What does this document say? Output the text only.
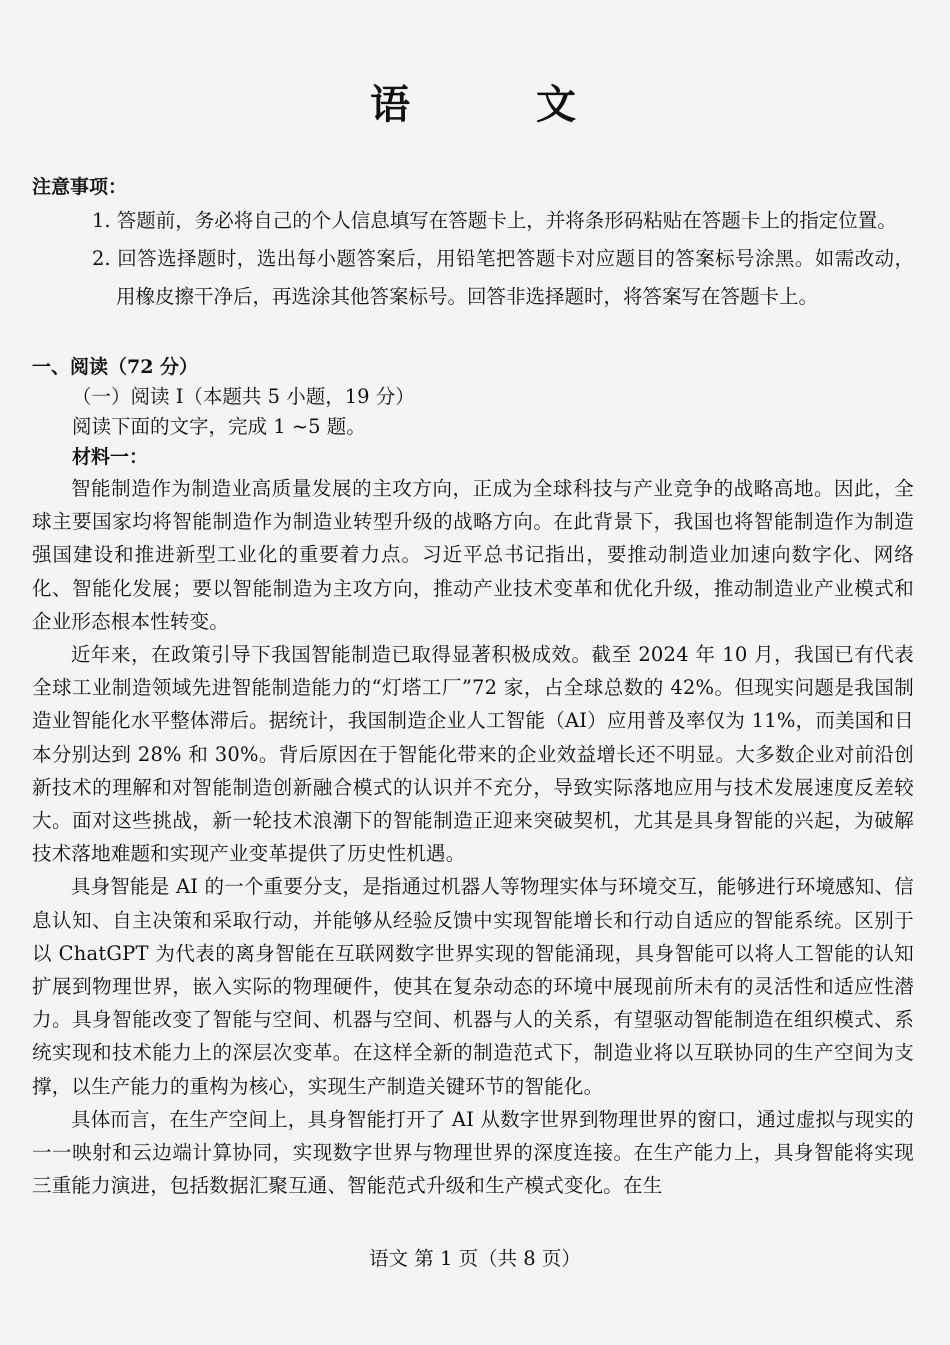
语 文
注意事项：
1. 答题前，务必将自己的个人信息填写在答题卡上，并将条形码粘贴在答题卡上的指定位置。
2. 回答选择题时，选出每小题答案后，用铅笔把答题卡对应题目的答案标号涂黑。如需改动，用橡皮擦干净后，再选涂其他答案标号。回答非选择题时，将答案写在答题卡上。
一、阅读（72 分）
（一）阅读 I（本题共 5 小题，19 分）
阅读下面的文字，完成 1 ~5 题。
材料一：

智能制造作为制造业高质量发展的主攻方向，正成为全球科技与产业竞争的战略高地。因此，全球主要国家均将智能制造作为制造业转型升级的战略方向。在此背景下，我国也将智能制造作为制造强国建设和推进新型工业化的重要着力点。习近平总书记指出，要推动制造业加速向数字化、网络化、智能化发展；要以智能制造为主攻方向，推动产业技术变革和优化升级，推动制造业产业模式和企业形态根本性转变。

近年来，在政策引导下我国智能制造已取得显著积极成效。截至 2024 年 10 月，我国已有代表全球工业制造领域先进智能制造能力的“灯塔工厂”72 家，占全球总数的 42%。但现实问题是我国制造业智能化水平整体滞后。据统计，我国制造企业人工智能（AI）应用普及率仅为 11%，而美国和日本分别达到 28% 和 30%。背后原因在于智能化带来的企业效益增长还不明显。大多数企业对前沿创新技术的理解和对智能制造创新融合模式的认识并不充分，导致实际落地应用与技术发展速度反差较大。面对这些挑战，新一轮技术浪潮下的智能制造正迎来突破契机，尤其是具身智能的兴起，为破解技术落地难题和实现产业变革提供了历史性机遇。

具身智能是 AI 的一个重要分支，是指通过机器人等物理实体与环境交互，能够进行环境感知、信息认知、自主决策和采取行动，并能够从经验反馈中实现智能增长和行动自适应的智能系统。区别于以 ChatGPT 为代表的离身智能在互联网数字世界实现的智能涌现，具身智能可以将人工智能的认知扩展到物理世界，嵌入实际的物理硬件，使其在复杂动态的环境中展现前所未有的灵活性和适应性潜力。具身智能改变了智能与空间、机器与空间、机器与人的关系，有望驱动智能制造在组织模式、系统实现和技术能力上的深层次变革。在这样全新的制造范式下，制造业将以互联协同的生产空间为支撑，以生产能力的重构为核心，实现生产制造关键环节的智能化。

具体而言，在生产空间上，具身智能打开了 AI 从数字世界到物理世界的窗口，通过虚拟与现实的一一映射和云边端计算协同，实现数字世界与物理世界的深度连接。在生产能力上，具身智能将实现三重能力演进，包括数据汇聚互通、智能范式升级和生产模式变化。在生

语文 第 1 页（共 8 页）
